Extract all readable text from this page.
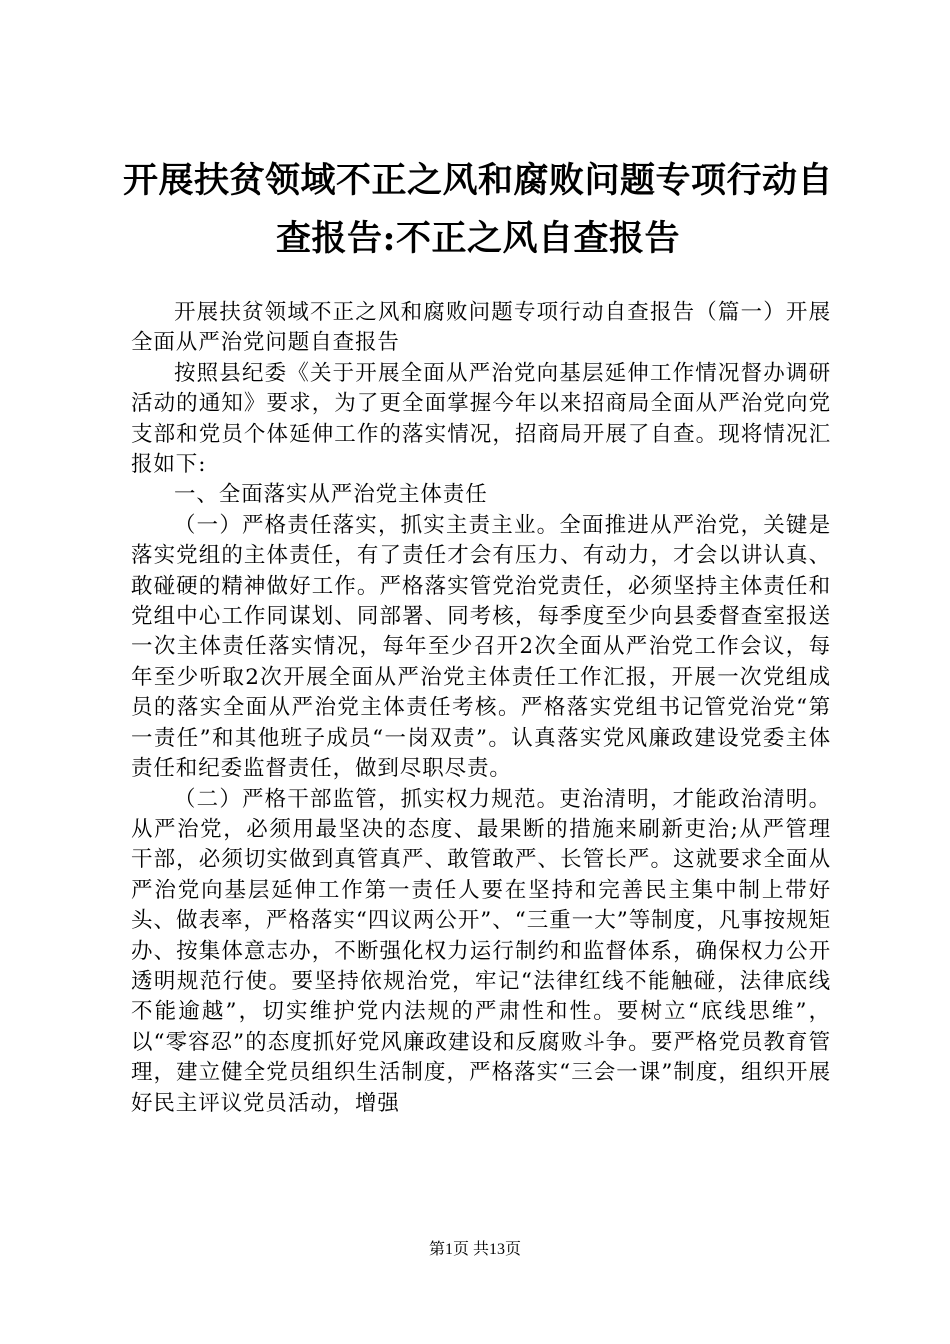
开展扶贫领域不正之风和腐败问题专项行动自查报告:不正之风自查报告

开展扶贫领域不正之风和腐败问题专项行动自查报告（篇一）开展全面从严治党问题自查报告

按照县纪委《关于开展全面从严治党向基层延伸工作情况督办调研活动的通知》要求，为了更全面掌握今年以来招商局全面从严治党向党支部和党员个体延伸工作的落实情况，招商局开展了自查。现将情况汇报如下:

一、全面落实从严治党主体责任

（一）严格责任落实，抓实主责主业。全面推进从严治党，关键是落实党组的主体责任，有了责任才会有压力、有动力，才会以讲认真、敢碰硬的精神做好工作。严格落实管党治党责任，必须坚持主体责任和党组中心工作同谋划、同部署、同考核，每季度至少向县委督查室报送一次主体责任落实情况，每年至少召开2次全面从严治党工作会议，每年至少听取2次开展全面从严治党主体责任工作汇报，开展一次党组成员的落实全面从严治党主体责任考核。严格落实党组书记管党治党“第一责任”和其他班子成员“一岗双责”。认真落实党风廉政建设党委主体责任和纪委监督责任，做到尽职尽责。

（二）严格干部监管，抓实权力规范。吏治清明，才能政治清明。从严治党，必须用最坚决的态度、最果断的措施来刷新吏治;从严管理干部，必须切实做到真管真严、敢管敢严、长管长严。这就要求全面从严治党向基层延伸工作第一责任人要在坚持和完善民主集中制上带好头、做表率，严格落实“四议两公开”、“三重一大”等制度，凡事按规矩办、按集体意志办，不断强化权力运行制约和监督体系，确保权力公开透明规范行使。要坚持依规治党，牢记“法律红线不能触碰，法律底线不能逾越”，切实维护党内法规的严肃性和性。要树立“底线思维”，以“零容忍”的态度抓好党风廉政建设和反腐败斗争。要严格党员教育管理，建立健全党员组织生活制度，严格落实“三会一课”制度，组织开展好民主评议党员活动，增强

第1页 共13页
